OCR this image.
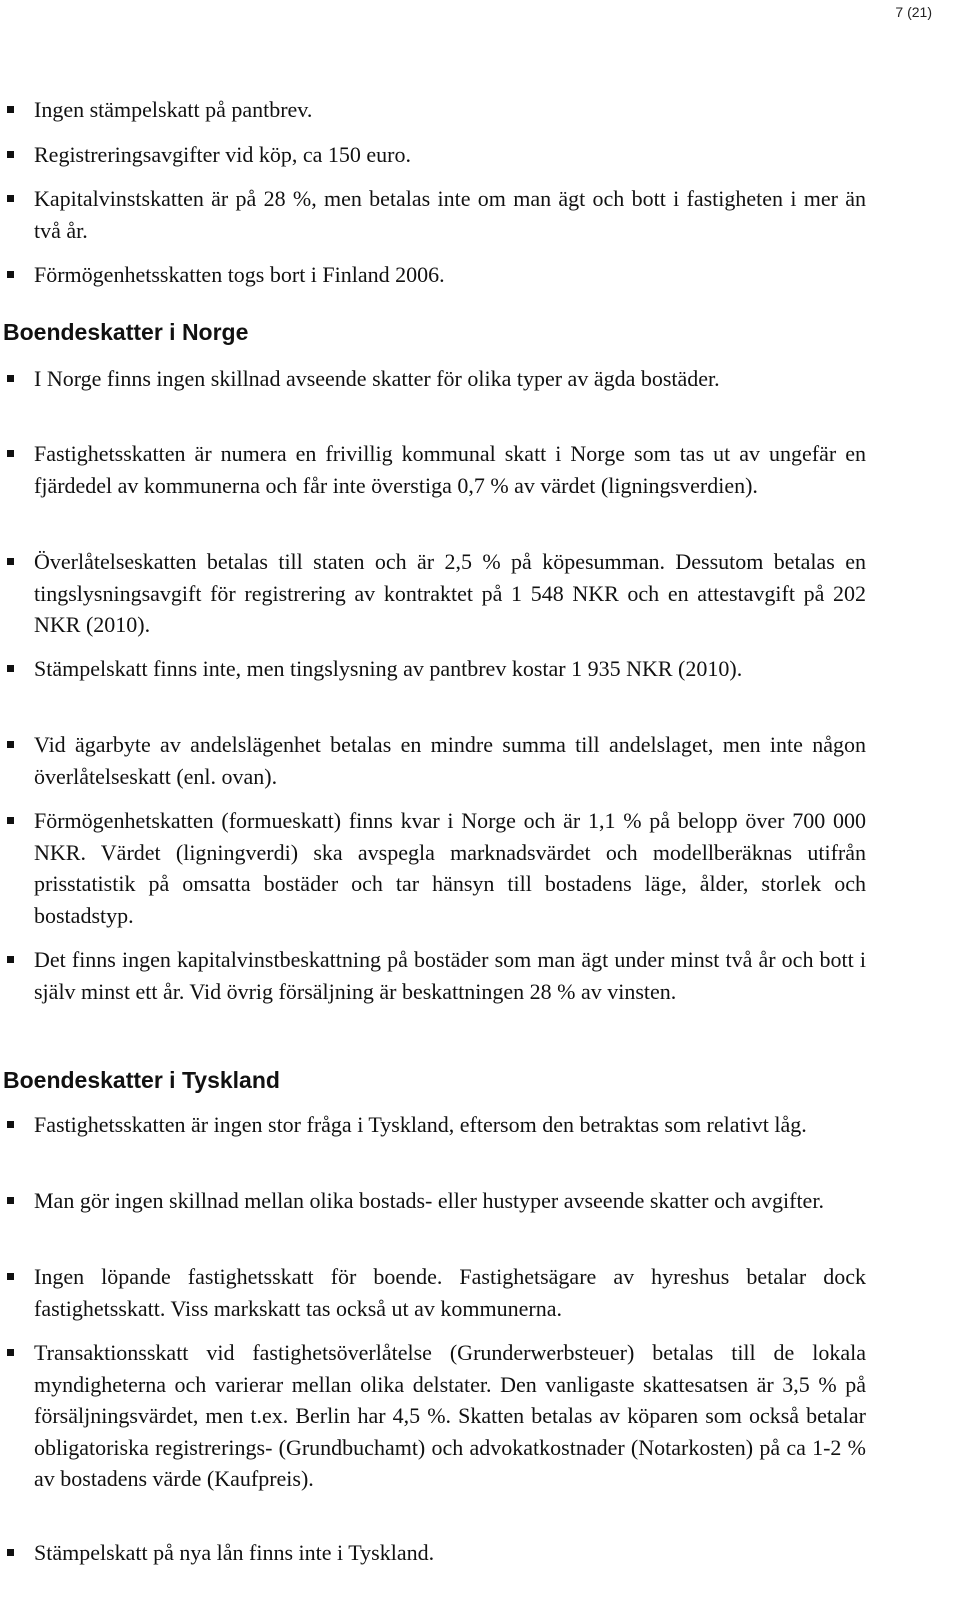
7 (21)
Ingen stämpelskatt på pantbrev.
Registreringsavgifter vid köp, ca 150 euro.
Kapitalvinstskatten är på 28 %, men betalas inte om man ägt och bott i fastigheten i mer än två år.
Förmögenhetsskatten togs bort i Finland 2006.
Boendeskatter i Norge
I Norge finns ingen skillnad avseende skatter för olika typer av ägda bostäder.
Fastighetsskatten är numera en frivillig kommunal skatt i Norge som tas ut av ungefär en fjärdedel av kommunerna och får inte överstiga 0,7 % av värdet (ligningsverdien).
Överlåtelseskatten betalas till staten och är 2,5 % på köpesumman. Dessutom betalas en tingslysningsavgift för registrering av kontraktet på 1 548 NKR och en attestavgift på 202 NKR (2010).
Stämpelskatt finns inte, men tingslysning av pantbrev kostar 1 935 NKR (2010).
Vid ägarbyte av andelslägenhet betalas en mindre summa till andelslaget, men inte någon överlåtelseskatt (enl. ovan).
Förmögenhetskatten (formueskatt) finns kvar i Norge och är 1,1 % på belopp över 700 000 NKR. Värdet (ligningverdi) ska avspegla marknadsvärdet och modellberäknas utifrån prisstatistik på omsatta bostäder och tar hänsyn till bostadens läge, ålder, storlek och bostadstyp.
Det finns ingen kapitalvinstbeskattning på bostäder som man ägt under minst två år och bott i själv minst ett år. Vid övrig försäljning är beskattningen 28 % av vinsten.
Boendeskatter i Tyskland
Fastighetsskatten är ingen stor fråga i Tyskland, eftersom den betraktas som relativt låg.
Man gör ingen skillnad mellan olika bostads- eller hustyper avseende skatter och avgifter.
Ingen löpande fastighetsskatt för boende. Fastighetsägare av hyreshus betalar dock fastighetsskatt. Viss markskatt tas också ut av kommunerna.
Transaktionsskatt vid fastighetsöverlåtelse (Grunderwerbsteuer) betalas till de lokala myndigheterna och varierar mellan olika delstater. Den vanligaste skattesatsen är 3,5 % på försäljningsvärdet, men t.ex. Berlin har 4,5 %. Skatten betalas av köparen som också betalar obligatoriska registrerings- (Grundbuchamt) och advokatkostnader (Notarkosten) på ca 1-2 % av bostadens värde (Kaufpreis).
Stämpelskatt på nya lån finns inte i Tyskland.
